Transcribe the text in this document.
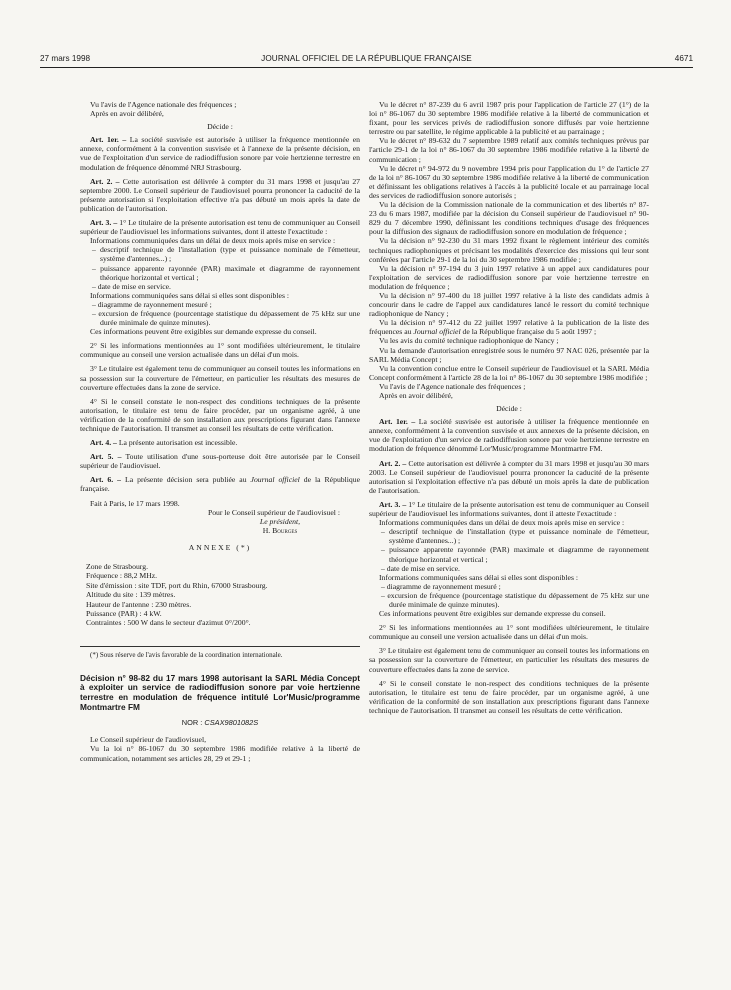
27 mars 1998	JOURNAL OFFICIEL DE LA RÉPUBLIQUE FRANÇAISE	4671

Vu l'avis de l'Agence nationale des fréquences ;

Après en avoir délibéré,

Décide :

Art. 1er. – La société susvisée est autorisée à utiliser la fréquence mentionnée en annexe, conformément à la convention susvisée et à l'annexe de la présente décision, en vue de l'exploitation d'un service de radiodiffusion sonore par voie hertzienne terrestre en modulation de fréquence dénommé NRJ Strasbourg.

Art. 2. – Cette autorisation est délivrée à compter du 31 mars 1998 et jusqu'au 27 septembre 2000. Le Conseil supérieur de l'audiovisuel pourra prononcer la caducité de la présente autorisation si l'exploitation effective n'a pas débuté un mois après la date de publication de l'autorisation.

Art. 3. – 1° Le titulaire de la présente autorisation est tenu de communiquer au Conseil supérieur de l'audiovisuel les informations suivantes, dont il atteste l'exactitude :

Informations communiquées dans un délai de deux mois après mise en service :

– descriptif technique de l'installation (type et puissance nominale de l'émetteur, système d'antennes...) ;

– puissance apparente rayonnée (PAR) maximale et diagramme de rayonnement théorique horizontal et vertical ;

– date de mise en service.

Informations communiquées sans délai si elles sont disponibles :

– diagramme de rayonnement mesuré ;

– excursion de fréquence (pourcentage statistique du dépassement de 75 kHz sur une durée minimale de quinze minutes).

Ces informations peuvent être exigibles sur demande expresse du conseil.

2° Si les informations mentionnées au 1° sont modifiées ultérieurement, le titulaire communique au conseil une version actualisée dans un délai d'un mois.

3° Le titulaire est également tenu de communiquer au conseil toutes les informations en sa possession sur la couverture de l'émetteur, en particulier les résultats des mesures de couverture effectuées dans la zone de service.

4° Si le conseil constate le non-respect des conditions techniques de la présente autorisation, le titulaire est tenu de faire procéder, par un organisme agréé, à une vérification de la conformité de son installation aux prescriptions figurant dans l'annexe technique de l'autorisation. Il transmet au conseil les résultats de cette vérification.

Art. 4. – La présente autorisation est incessible.

Art. 5. – Toute utilisation d'une sous-porteuse doit être autorisée par le Conseil supérieur de l'audiovisuel.

Art. 6. – La présente décision sera publiée au Journal officiel de la République française.

Fait à Paris, le 17 mars 1998.

Pour le Conseil supérieur de l'audiovisuel :

Le président,

H. Bourges

ANNEXE (*)

Zone de Strasbourg.

Fréquence : 88,2 MHz.

Site d'émission : site TDF, port du Rhin, 67000 Strasbourg.

Altitude du site : 139 mètres.

Hauteur de l'antenne : 230 mètres.

Puissance (PAR) : 4 kW.

Contraintes : 500 W dans le secteur d'azimut 0°/200°.

(*) Sous réserve de l'avis favorable de la coordination internationale.

Décision n° 98-82 du 17 mars 1998 autorisant la SARL Média Concept à exploiter un service de radiodiffusion sonore par voie hertzienne terrestre en modulation de fréquence intitulé Lor'Music/programme Montmartre FM

NOR : CSAX9801082S

Le Conseil supérieur de l'audiovisuel,

Vu la loi n° 86-1067 du 30 septembre 1986 modifiée relative à la liberté de communication, notamment ses articles 28, 29 et 29-1 ;

Vu le décret n° 87-239 du 6 avril 1987 pris pour l'application de l'article 27 (1°) de la loi n° 86-1067 du 30 septembre 1986 modifiée relative à la liberté de communication et fixant, pour les services privés de radiodiffusion sonore diffusés par voie hertzienne terrestre ou par satellite, le régime applicable à la publicité et au parrainage ;

Vu le décret n° 89-632 du 7 septembre 1989 relatif aux comités techniques prévus par l'article 29-1 de la loi n° 86-1067 du 30 septembre 1986 modifiée relative à la liberté de communication ;

Vu le décret n° 94-972 du 9 novembre 1994 pris pour l'application du 1° de l'article 27 de la loi n° 86-1067 du 30 septembre 1986 modifiée relative à la liberté de communication et définissant les obligations relatives à l'accès à la publicité locale et au parrainage local des services de radiodiffusion sonore autorisés ;

Vu la décision de la Commission nationale de la communication et des libertés n° 87-23 du 6 mars 1987, modifiée par la décision du Conseil supérieur de l'audiovisuel n° 90-829 du 7 décembre 1990, définissant les conditions techniques d'usage des fréquences pour la diffusion des signaux de radiodiffusion sonore en modulation de fréquence ;

Vu la décision n° 92-230 du 31 mars 1992 fixant le règlement intérieur des comités techniques radiophoniques et précisant les modalités d'exercice des missions qui leur sont conférées par l'article 29-1 de la loi du 30 septembre 1986 modifiée ;

Vu la décision n° 97-194 du 3 juin 1997 relative à un appel aux candidatures pour l'exploitation de services de radiodiffusion sonore par voie hertzienne terrestre en modulation de fréquence ;

Vu la décision n° 97-400 du 18 juillet 1997 relative à la liste des candidats admis à concourir dans le cadre de l'appel aux candidatures lancé le ressort du comité technique radiophonique de Nancy ;

Vu la décision n° 97-412 du 22 juillet 1997 relative à la publication de la liste des fréquences au Journal officiel de la République française du 5 août 1997 ;

Vu les avis du comité technique radiophonique de Nancy ;

Vu la demande d'autorisation enregistrée sous le numéro 97 NAC 026, présentée par la SARL Média Concept ;

Vu la convention conclue entre le Conseil supérieur de l'audiovisuel et la SARL Média Concept conformément à l'article 28 de la loi n° 86-1067 du 30 septembre 1986 modifiée ;

Vu l'avis de l'Agence nationale des fréquences ;

Après en avoir délibéré,

Décide :

Art. 1er. – La société susvisée est autorisée à utiliser la fréquence mentionnée en annexe, conformément à la convention susvisée et aux annexes de la présente décision, en vue de l'exploitation d'un service de radiodiffusion sonore par voie hertzienne terrestre en modulation de fréquence dénommé Lor'Music/programme Montmartre FM.

Art. 2. – Cette autorisation est délivrée à compter du 31 mars 1998 et jusqu'au 30 mars 2003. Le Conseil supérieur de l'audiovisuel pourra prononcer la caducité de la présente autorisation si l'exploitation effective n'a pas débuté un mois après la date de publication de l'autorisation.

Art. 3. – 1° Le titulaire de la présente autorisation est tenu de communiquer au Conseil supérieur de l'audiovisuel les informations suivantes, dont il atteste l'exactitude :

Informations communiquées dans un délai de deux mois après mise en service :

– descriptif technique de l'installation (type et puissance nominale de l'émetteur, système d'antennes...) ;

– puissance apparente rayonnée (PAR) maximale et diagramme de rayonnement théorique horizontal et vertical ;

– date de mise en service.

Informations communiquées sans délai si elles sont disponibles :

– diagramme de rayonnement mesuré ;

– excursion de fréquence (pourcentage statistique du dépassement de 75 kHz sur une durée minimale de quinze minutes).

Ces informations peuvent être exigibles sur demande expresse du conseil.

2° Si les informations mentionnées au 1° sont modifiées ultérieurement, le titulaire communique au conseil une version actualisée dans un délai d'un mois.

3° Le titulaire est également tenu de communiquer au conseil toutes les informations en sa possession sur la couverture de l'émetteur, en particulier les résultats des mesures de couverture effectuées dans la zone de service.

4° Si le conseil constate le non-respect des conditions techniques de la présente autorisation, le titulaire est tenu de faire procéder, par un organisme agréé, à une vérification de la conformité de son installation aux prescriptions figurant dans l'annexe technique de l'autorisation. Il transmet au conseil les résultats de cette vérification.
